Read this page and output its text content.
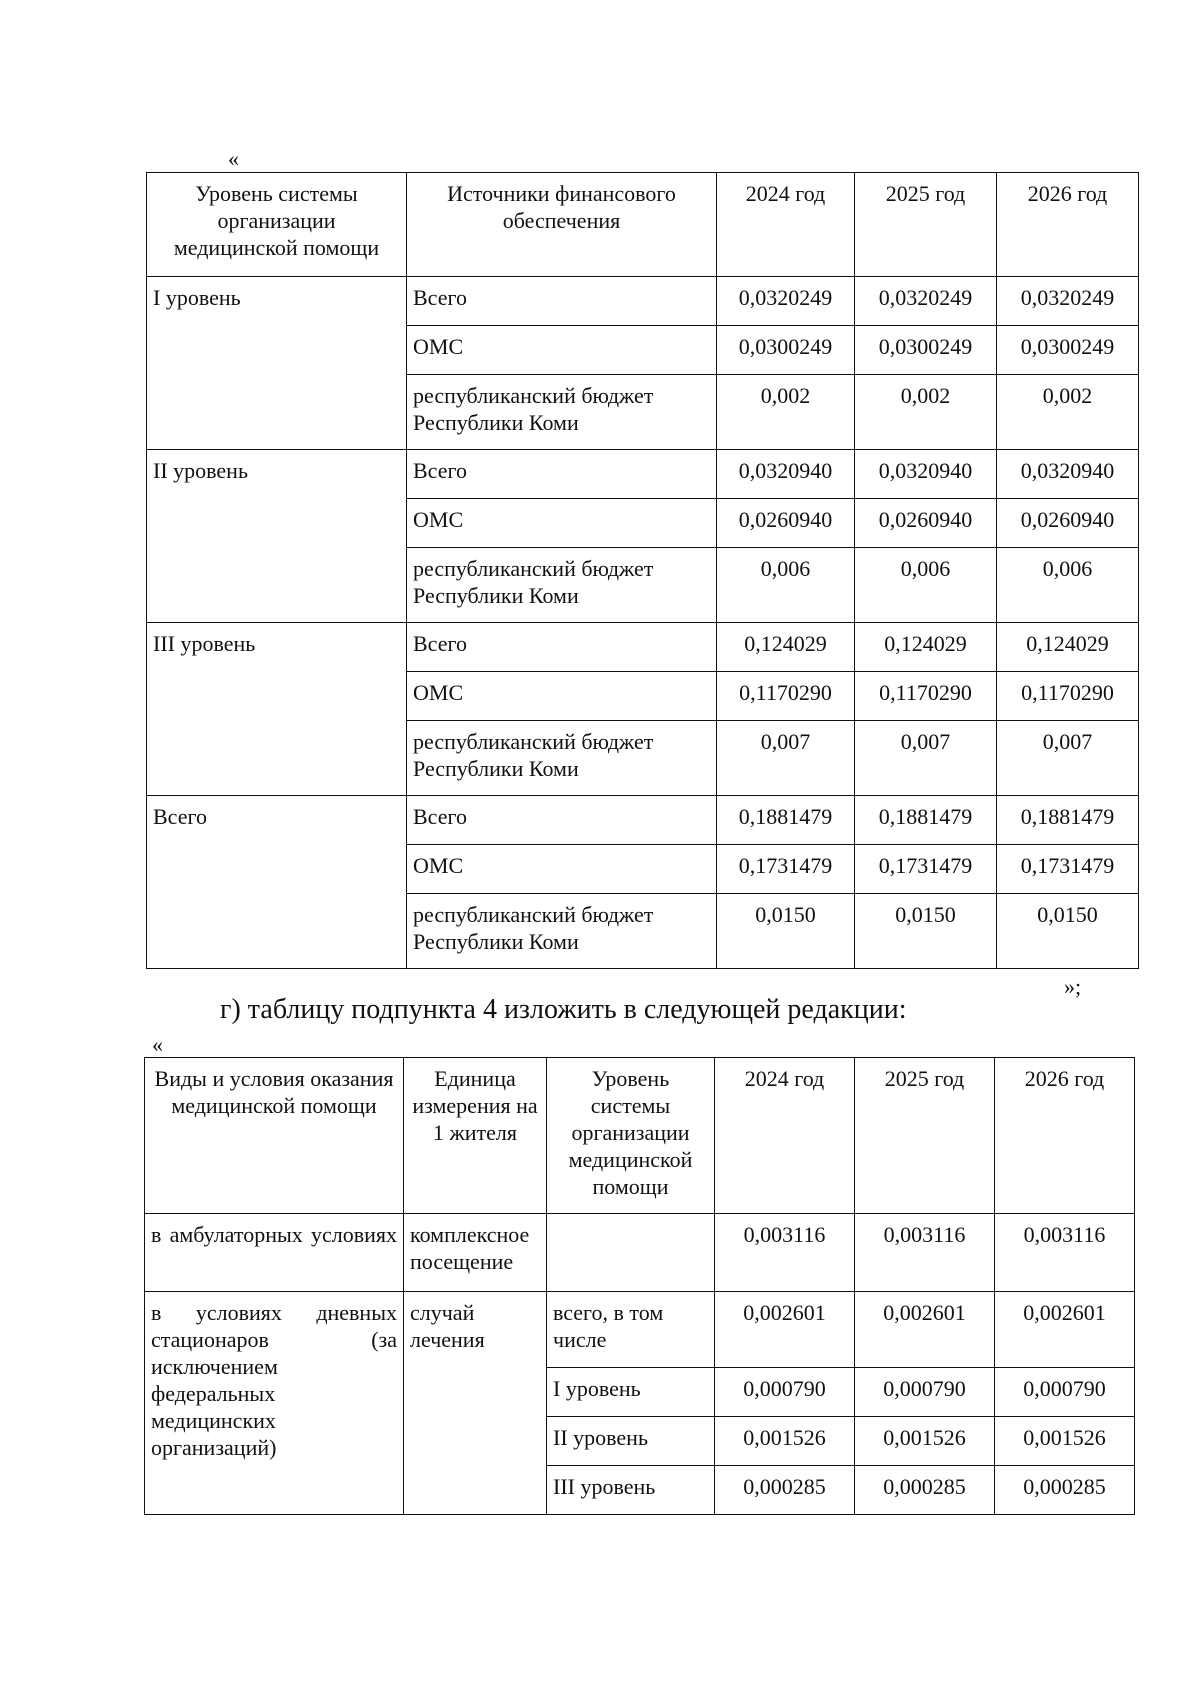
«
Уровень системы организации медицинской помощи	Источники финансового обеспечения	2024 год	2025 год	2026 год
I уровень	Всего	0,0320249	0,0320249	0,0320249
	ОМС	0,0300249	0,0300249	0,0300249
	республиканский бюджет Республики Коми	0,002	0,002	0,002
II уровень	Всего	0,0320940	0,0320940	0,0320940
	ОМС	0,0260940	0,0260940	0,0260940
	республиканский бюджет Республики Коми	0,006	0,006	0,006
III уровень	Всего	0,124029	0,124029	0,124029
	ОМС	0,1170290	0,1170290	0,1170290
	республиканский бюджет Республики Коми	0,007	0,007	0,007
Всего	Всего	0,1881479	0,1881479	0,1881479
	ОМС	0,1731479	0,1731479	0,1731479
	республиканский бюджет Республики Коми	0,0150	0,0150	0,0150
»;
г) таблицу подпункта 4 изложить в следующей редакции:
«
Виды и условия оказания медицинской помощи	Единица измерения на 1 жителя	Уровень системы организации медицинской помощи	2024 год	2025 год	2026 год
в амбулаторных условиях	комплексное посещение		0,003116	0,003116	0,003116
в условиях дневных стационаров (за исключением федеральных медицинских организаций)	случай лечения	всего, в том числе	0,002601	0,002601	0,002601
		I уровень	0,000790	0,000790	0,000790
		II уровень	0,001526	0,001526	0,001526
		III уровень	0,000285	0,000285	0,000285
